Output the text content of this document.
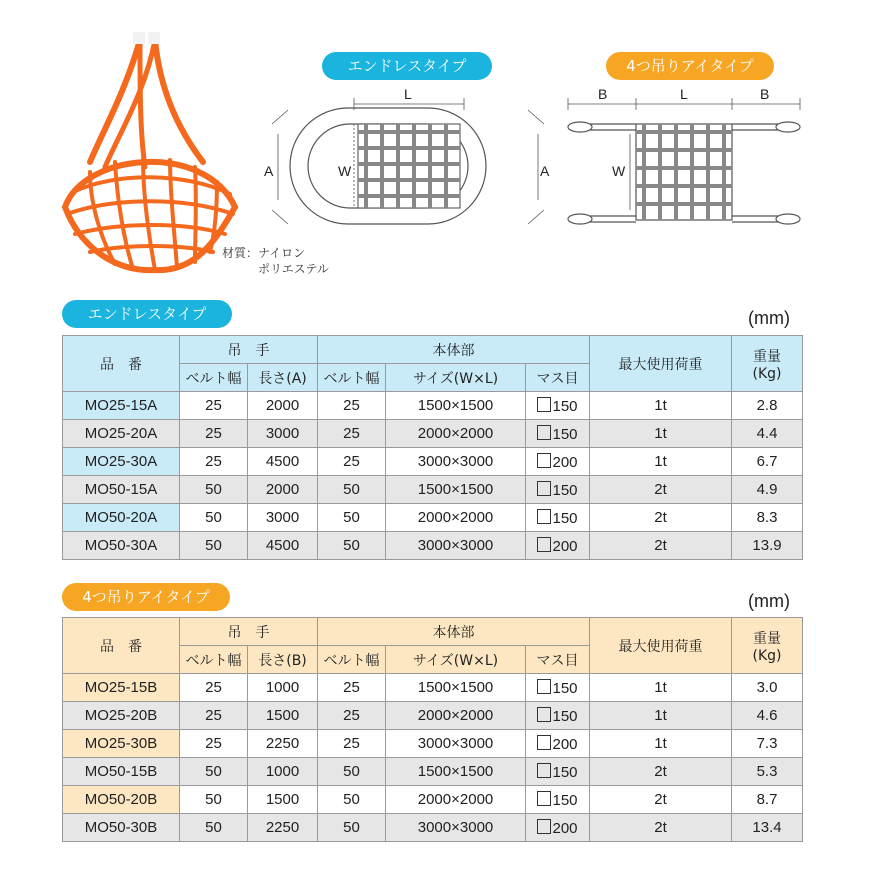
材質：ナイロン
ポリエステル
エンドレスタイプ	4つ吊りアイタイプ
L
W
A	A
B	L	B
W
エンドレスタイプ	(mm)
品　番	吊　手		本体部			最大使用荷重	重量
(Kg)

	ベルト幅	長さ(A)	ベルト幅	サイズ(W×L)	マス目		
MO25-15A	25	2000	25	1500×1500	150	1t	2.8
MO25-20A	25	3000	25	2000×2000	150	1t	4.4
MO25-30A	25	4500	25	3000×3000	200	1t	6.7
MO50-15A	50	2000	50	1500×1500	150	2t	4.9
MO50-20A	50	3000	50	2000×2000	150	2t	8.3
MO50-30A	50	4500	50	3000×3000	200	2t	13.9
4つ吊りアイタイプ	(mm)
品　番	吊　手		本体部			最大使用荷重	重量
(Kg)

	ベルト幅	長さ(B)	ベルト幅	サイズ(W×L)	マス目		
MO25-15B	25	1000	25	1500×1500	150	1t	3.0
MO25-20B	25	1500	25	2000×2000	150	1t	4.6
MO25-30B	25	2250	25	3000×3000	200	1t	7.3
MO50-15B	50	1000	50	1500×1500	150	2t	5.3
MO50-20B	50	1500	50	2000×2000	150	2t	8.7
MO50-30B	50	2250	50	3000×3000	200	2t	13.4
